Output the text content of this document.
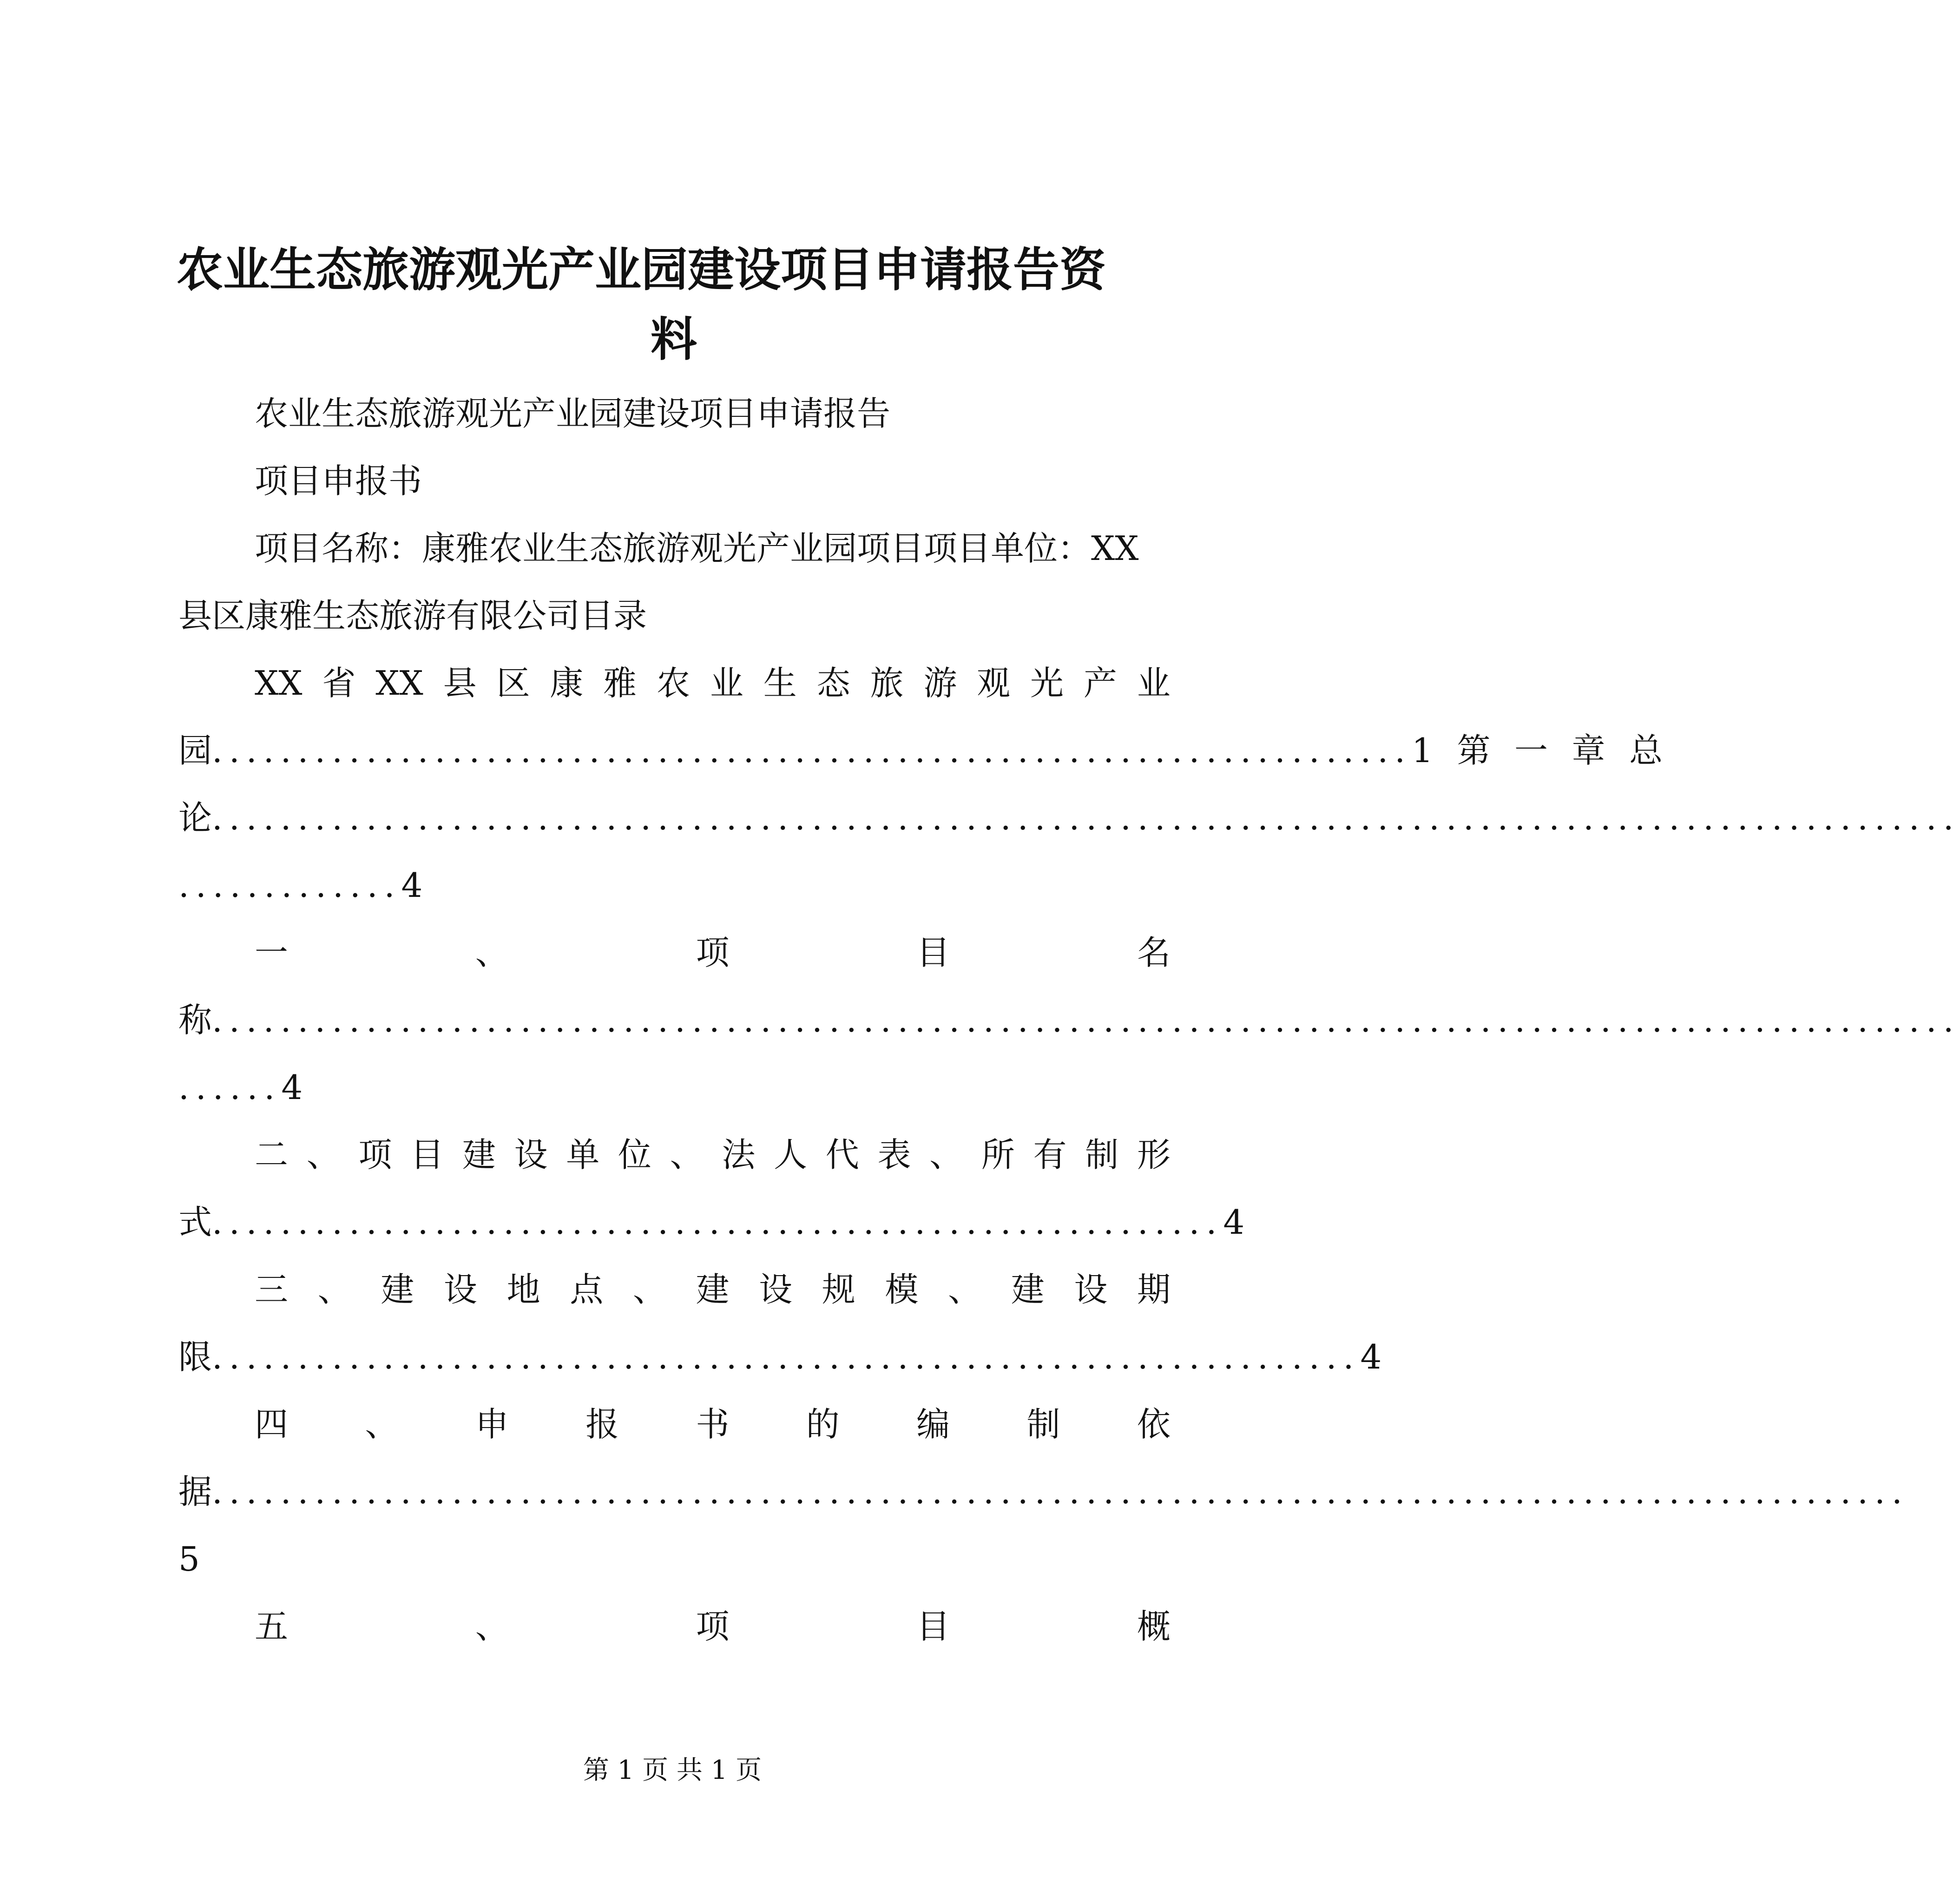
农业生态旅游观光产业园建设项目申请报告资
料
农业生态旅游观光产业园建设项目申请报告
项目申报书
项目名称：康雅农业生态旅游观光产业园项目项目单位：XX
县区康雅生态旅游有限公司目录
XX 省 XX 县 区 康 雅 农 业 生 态 旅 游 观 光 产 业
园 ...................................................................... 1 第 一 章 总
论 ......................................................................................................
.............4
一	、	项	目	名
称 ......................................................................................................
......4
二 、 项 目 建 设 单 位 、 法 人 代 表 、 所 有 制 形
式 ........................................................... 4
三 、 建 设 地 点 、 建 设 规 模 、 建 设 期
限 ................................................................... 4
四 、 申 报 书 的 编 制 依
据 ...................................................................................................
5
五	、	项	目	概
第 1 页 共 1 页
